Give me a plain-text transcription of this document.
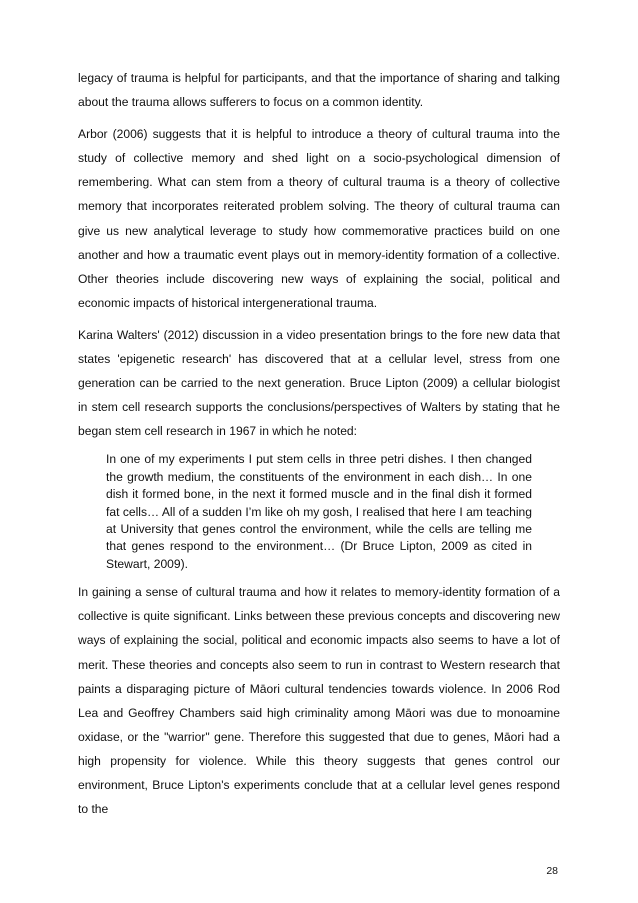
legacy of trauma is helpful for participants, and that the importance of sharing and talking about the trauma allows sufferers to focus on a common identity.

Arbor (2006) suggests that it is helpful to introduce a theory of cultural trauma into the study of collective memory and shed light on a socio-psychological dimension of remembering. What can stem from a theory of cultural trauma is a theory of collective memory that incorporates reiterated problem solving. The theory of cultural trauma can give us new analytical leverage to study how commemorative practices build on one another and how a traumatic event plays out in memory-identity formation of a collective. Other theories include discovering new ways of explaining the social, political and economic impacts of historical intergenerational trauma.

Karina Walters' (2012) discussion in a video presentation brings to the fore new data that states 'epigenetic research' has discovered that at a cellular level, stress from one generation can be carried to the next generation. Bruce Lipton (2009) a cellular biologist in stem cell research supports the conclusions/perspectives of Walters by stating that he began stem cell research in 1967 in which he noted:

In one of my experiments I put stem cells in three petri dishes. I then changed the growth medium, the constituents of the environment in each dish… In one dish it formed bone, in the next it formed muscle and in the final dish it formed fat cells… All of a sudden I’m like oh my gosh, I realised that here I am teaching at University that genes control the environment, while the cells are telling me that genes respond to the environment… (Dr Bruce Lipton, 2009 as cited in Stewart, 2009).

In gaining a sense of cultural trauma and how it relates to memory-identity formation of a collective is quite significant. Links between these previous concepts and discovering new ways of explaining the social, political and economic impacts also seems to have a lot of merit. These theories and concepts also seem to run in contrast to Western research that paints a disparaging picture of Māori cultural tendencies towards violence. In 2006 Rod Lea and Geoffrey Chambers said high criminality among Māori was due to monoamine oxidase, or the "warrior" gene. Therefore this suggested that due to genes, Māori had a high propensity for violence. While this theory suggests that genes control our environment, Bruce Lipton's experiments conclude that at a cellular level genes respond to the

28
